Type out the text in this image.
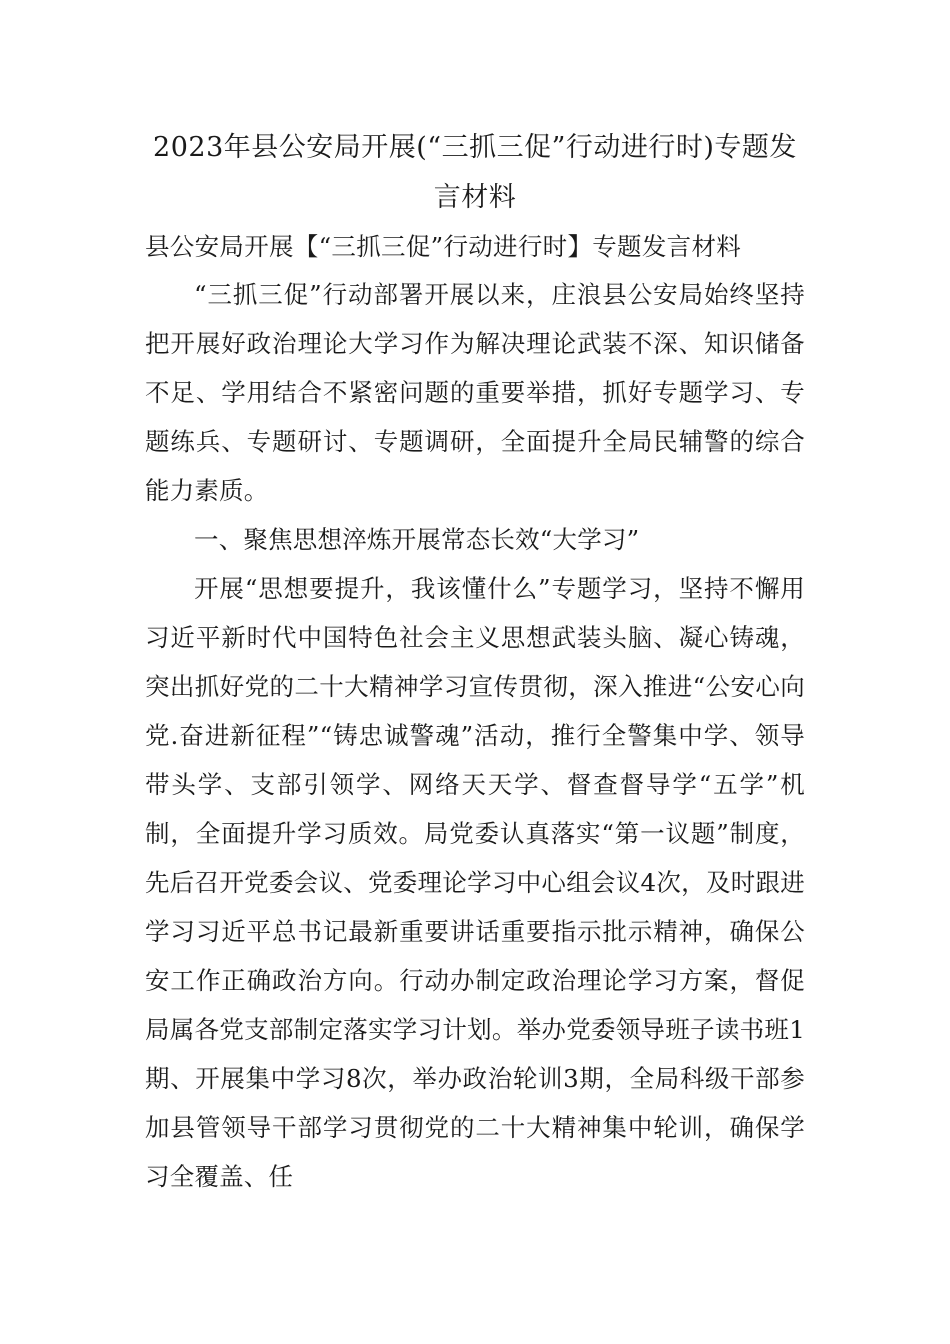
2023年县公安局开展(“三抓三促”行动进行时)专题发言材料

县公安局开展【“三抓三促”行动进行时】专题发言材料

“三抓三促”行动部署开展以来，庄浪县公安局始终坚持把开展好政治理论大学习作为解决理论武装不深、知识储备不足、学用结合不紧密问题的重要举措，抓好专题学习、专题练兵、专题研讨、专题调研，全面提升全局民辅警的综合能力素质。

一、聚焦思想淬炼开展常态长效“大学习”

开展“思想要提升，我该懂什么”专题学习，坚持不懈用习近平新时代中国特色社会主义思想武装头脑、凝心铸魂，突出抓好党的二十大精神学习宣传贯彻，深入推进“公安心向党.奋进新征程”“铸忠诚警魂”活动，推行全警集中学、领导带头学、支部引领学、网络天天学、督查督导学“五学”机制，全面提升学习质效。局党委认真落实“第一议题”制度，先后召开党委会议、党委理论学习中心组会议4次，及时跟进学习习近平总书记最新重要讲话重要指示批示精神，确保公安工作正确政治方向。行动办制定政治理论学习方案，督促局属各党支部制定落实学习计划。举办党委领导班子读书班1期、开展集中学习8次，举办政治轮训3期，全局科级干部参加县管领导干部学习贯彻党的二十大精神集中轮训，确保学习全覆盖、任
